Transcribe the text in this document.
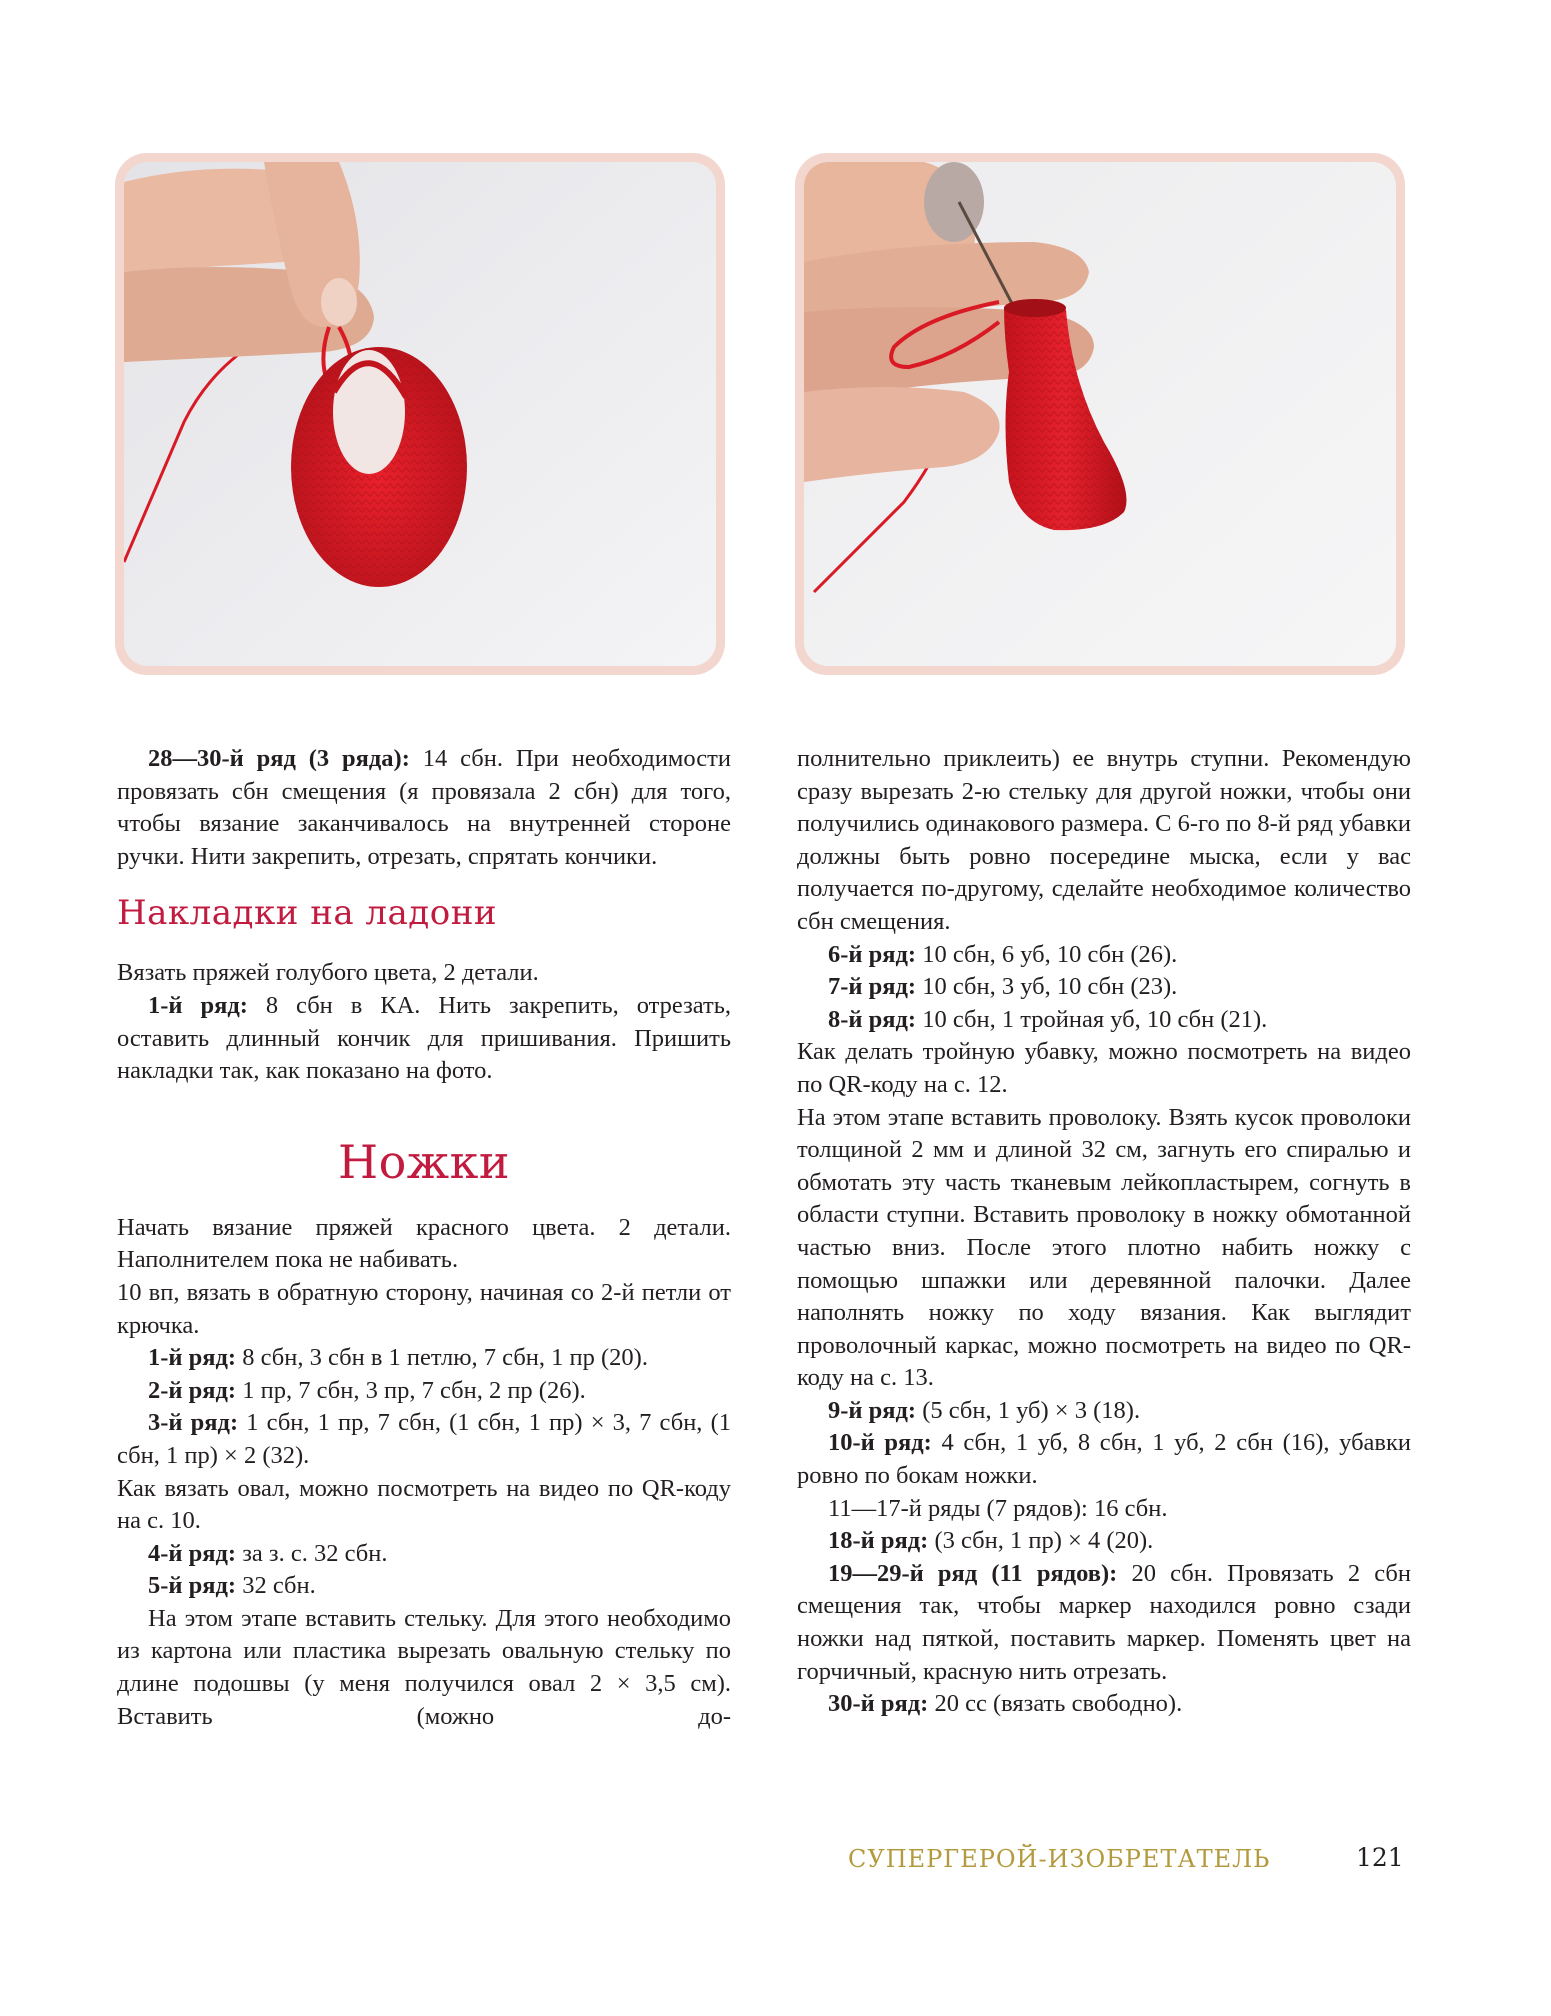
28—30-й ряд (3 ряда): 14 сбн. При необходимости провязать сбн смещения (я провязала 2 сбн) для того, чтобы вязание заканчивалось на внутренней стороне ручки. Нити закрепить, отрезать, спрятать кончики.

Накладки на ладони

Вязать пряжей голубого цвета, 2 детали.

1-й ряд: 8 сбн в КА. Нить закрепить, отрезать, оставить длинный кончик для пришивания. Пришить накладки так, как показано на фото.

Ножки

Начать вязание пряжей красного цвета. 2 детали. Наполнителем пока не набивать.

10 вп, вязать в обратную сторону, начиная со 2-й петли от крючка.

1-й ряд: 8 сбн, 3 сбн в 1 петлю, 7 сбн, 1 пр (20).

2-й ряд: 1 пр, 7 сбн, 3 пр, 7 сбн, 2 пр (26).

3-й ряд: 1 сбн, 1 пр, 7 сбн, (1 сбн, 1 пр) × 3, 7 сбн, (1 сбн, 1 пр) × 2 (32).

Как вязать овал, можно посмотреть на видео по QR-коду на с. 10.

4-й ряд: за з. с. 32 сбн.

5-й ряд: 32 сбн.

На этом этапе вставить стельку. Для этого необходимо из картона или пластика вырезать овальную стельку по длине подошвы (у меня получился овал 2 × 3,5 см). Вставить (можно до-

полнительно приклеить) ее внутрь ступни. Рекомендую сразу вырезать 2-ю стельку для другой ножки, чтобы они получились одинакового размера. С 6-го по 8-й ряд убавки должны быть ровно посередине мыска, если у вас получается по-другому, сделайте необходимое количество сбн смещения.

6-й ряд: 10 сбн, 6 уб, 10 сбн (26).

7-й ряд: 10 сбн, 3 уб, 10 сбн (23).

8-й ряд: 10 сбн, 1 тройная уб, 10 сбн (21).

Как делать тройную убавку, можно посмотреть на видео по QR-коду на с. 12.

На этом этапе вставить проволоку. Взять кусок проволоки толщиной 2 мм и длиной 32 см, загнуть его спиралью и обмотать эту часть тканевым лейкопластырем, согнуть в области ступни. Вставить проволоку в ножку обмотанной частью вниз. После этого плотно набить ножку с помощью шпажки или деревянной палочки. Далее наполнять ножку по ходу вязания. Как выглядит проволочный каркас, можно посмотреть на видео по QR-коду на с. 13.

9-й ряд: (5 сбн, 1 уб) × 3 (18).

10-й ряд: 4 сбн, 1 уб, 8 сбн, 1 уб, 2 сбн (16), убавки ровно по бокам ножки.

11—17-й ряды (7 рядов): 16 сбн.

18-й ряд: (3 сбн, 1 пр) × 4 (20).

19—29-й ряд (11 рядов): 20 сбн. Провязать 2 сбн смещения так, чтобы маркер находился ровно сзади ножки над пяткой, поставить маркер. Поменять цвет на горчичный, красную нить отрезать.

30-й ряд: 20 сс (вязать свободно).

СУПЕРГЕРОЙ-ИЗОБРЕТАТЕЛЬ	121
